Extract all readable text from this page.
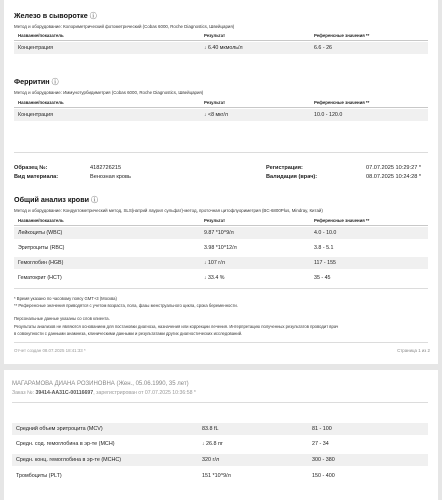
Железо в сыворотке ⓘ
Метод и оборудование: Колориметрический фотометрический (Cobas 6000, Roche Diagnostics, Швейцария)
Название/показатель	Результат	Референсные значения **
Концентрация	↓ 6.40 мкмоль/л	6.6 - 26
Ферритин ⓘ
Метод и оборудование: Иммунотурбидиметрия (Cobas 6000, Roche Diagnostics, Швейцария)
Название/показатель	Результат	Референсные значения **
Концентрация	↓ <8 мкг/л	10.0 - 120.0
Образец №:	4182726215
Вид материала:	Венозная кровь
Регистрация:	07.07.2025 10:29:27 *
Валидация (врач):	08.07.2025 10:24:28 *
Общий анализ крови ⓘ
Метод и оборудование: Кондуктометрический метод, SLS(натрий лаурил сульфат)-метод, проточная цитофлуориметрия (BC-6800Plus, Mindray, Китай)
Название/показатель	Результат	Референсные значения **
Лейкоциты (WBC)	9.87 *10^9/л	4.0 - 10.0
Эритроциты (RBC)	3.98 *10^12/л	3.8 - 5.1
Гемоглобин (HGB)	↓ 107 г/л	117 - 155
Гематокрит (HCT)	↓ 33.4 %	35 - 45
* Время указано по часовому поясу GMT+3 (Москва)
** Референсные значения приводятся с учетом возраста, пола, фазы менструального цикла, срока беременности.
Персональные данные указаны со слов клиента.
Результаты анализов не являются основанием для постановки диагноза, назначения или коррекции лечения. Интерпретацию полученных результатов проводит врач
в совокупности с данными анамнеза, клиническими данными и результатами других диагностических исследований.
Отчет создан 08.07.2025 18:41:33 *	Страница 1 из 2
МАГАРАМОВА ДИАНА РОЗИНОВНА (Жен., 05.06.1990, 35 лет)
Заказ №: 39414-AA31C-00116697, зарегистрирован от 07.07.2025 10:36:58 *
Средний объем эритроцита (MCV)	83.8 fL	81 - 100
Средн. сод. гемоглобина в эр-те (MCH)	↓ 26.8 пг	27 - 34
Средн. конц. гемоглобина в эр-те (MCHC)	320 г/л	300 - 380
Тромбоциты (PLT)	151 *10^9/л	150 - 400
